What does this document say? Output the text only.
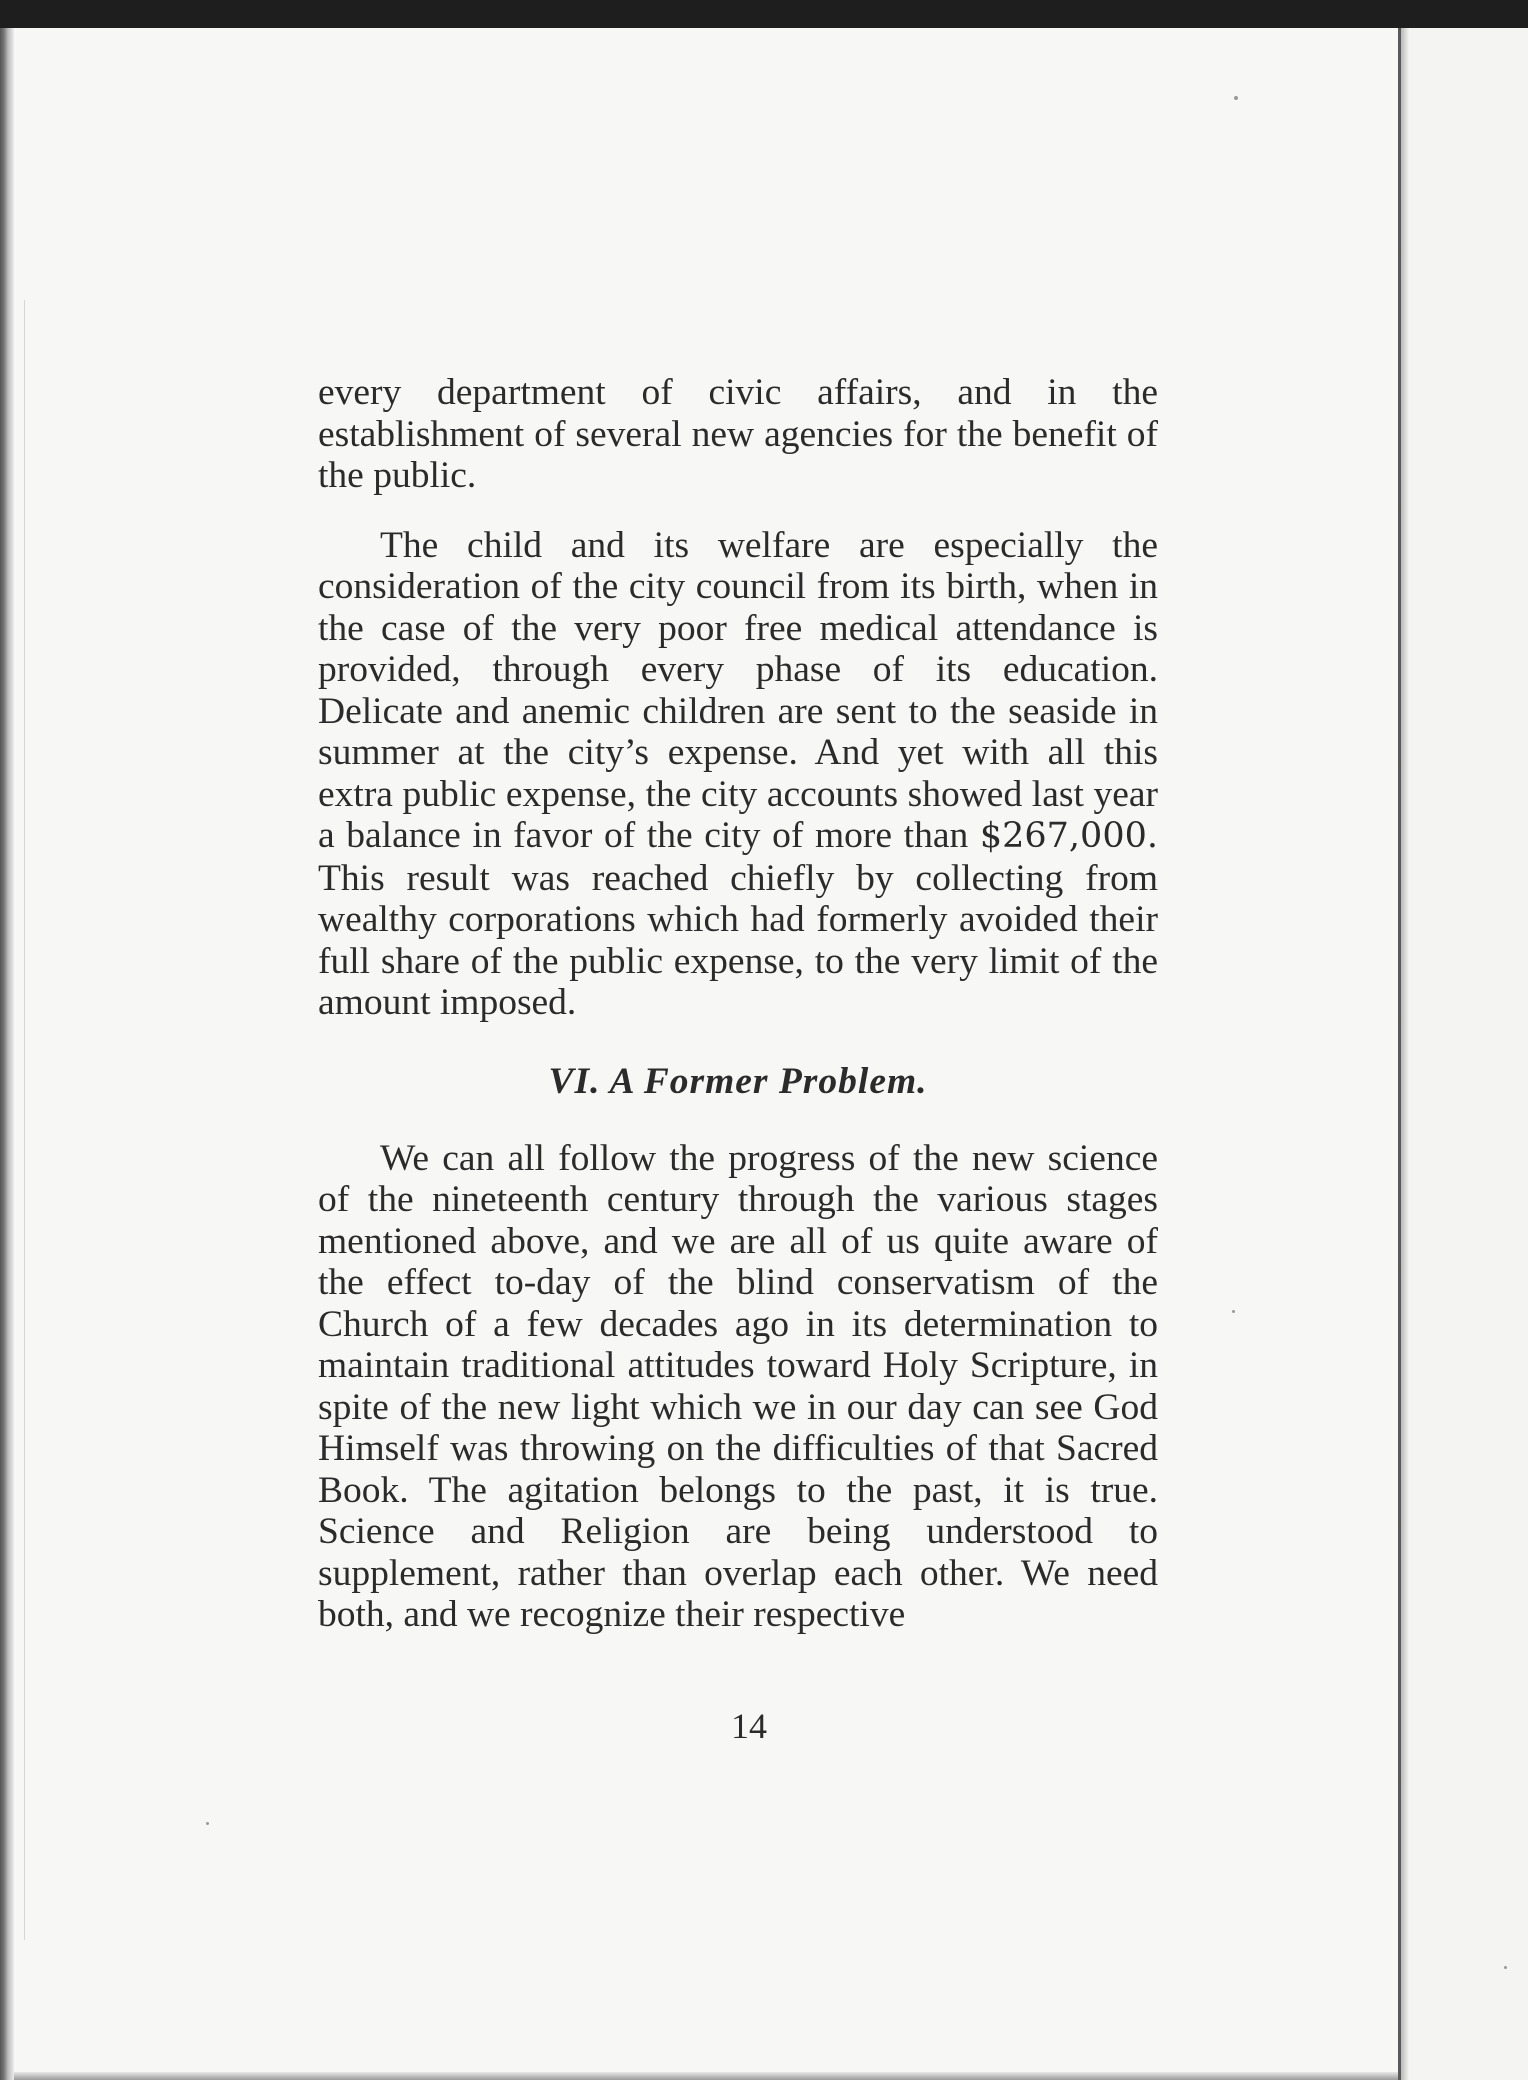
every department of civic affairs, and in the establishment of several new agencies for the benefit of the public.

The child and its welfare are especially the consideration of the city council from its birth, when in the case of the very poor free medical attendance is provided, through every phase of its education. Delicate and anemic children are sent to the seaside in summer at the city’s expense. And yet with all this extra public expense, the city accounts showed last year a balance in favor of the city of more than $267,000. This result was reached chiefly by collecting from wealthy corporations which had formerly avoided their full share of the public expense, to the very limit of the amount imposed.

VI. A Former Problem.

We can all follow the progress of the new science of the nineteenth century through the various stages mentioned above, and we are all of us quite aware of the effect to-day of the blind conservatism of the Church of a few decades ago in its determination to maintain traditional attitudes toward Holy Scripture, in spite of the new light which we in our day can see God Himself was throwing on the difficulties of that Sacred Book. The agitation belongs to the past, it is true. Science and Religion are being understood to supplement, rather than overlap each other. We need both, and we recognize their respective

14
